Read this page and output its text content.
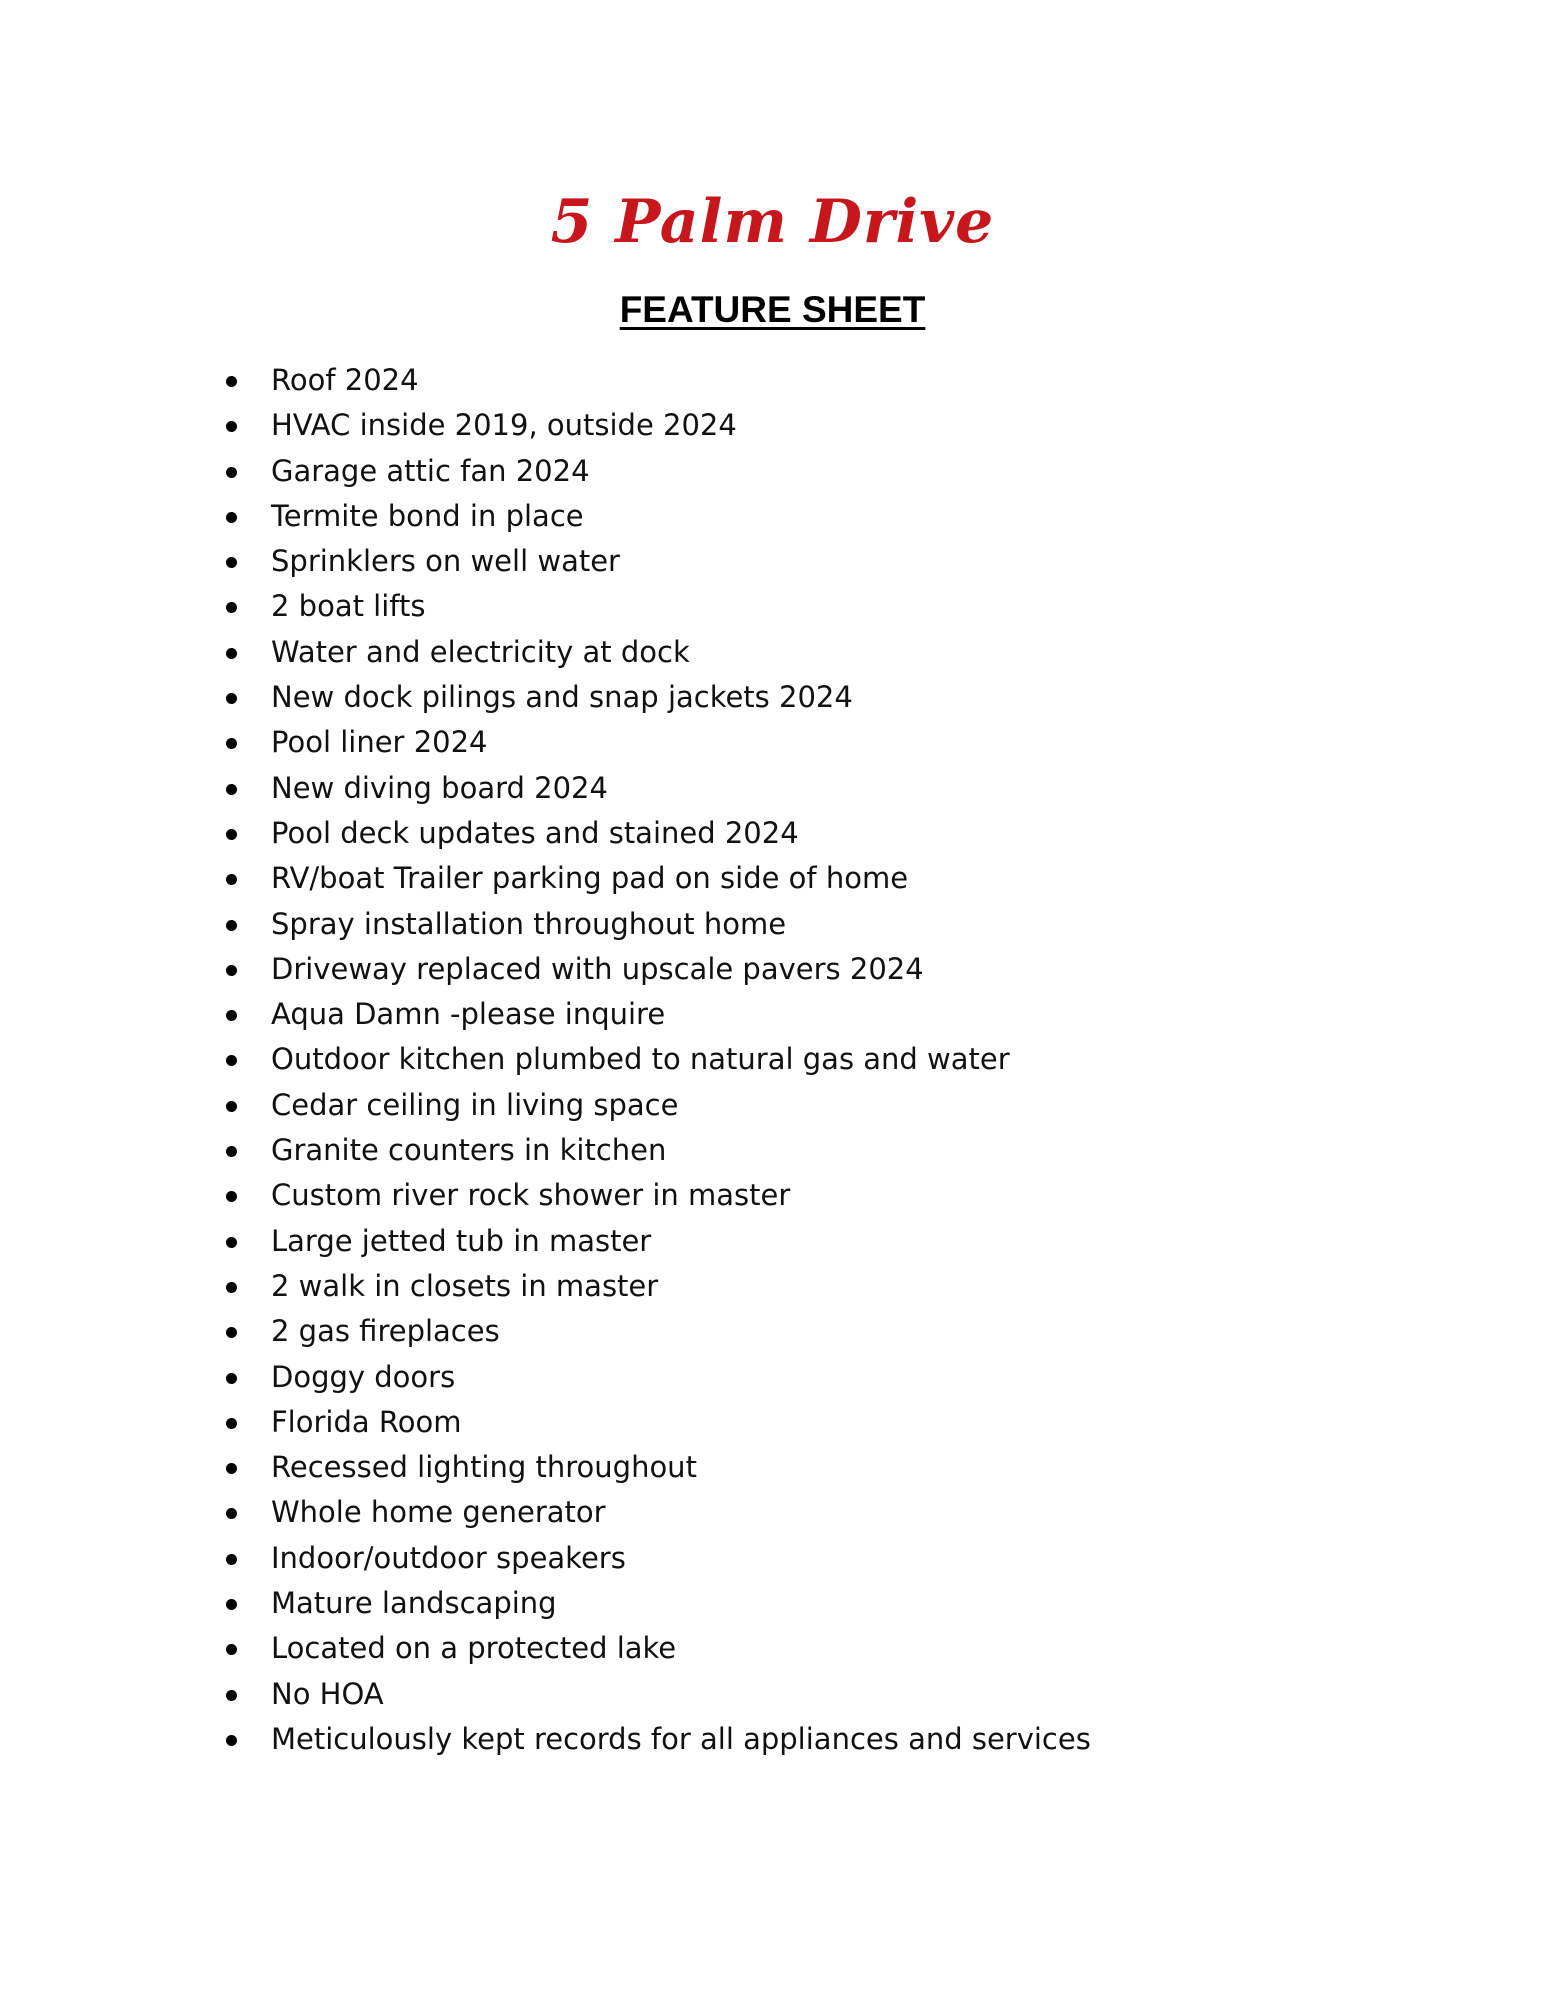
5 Palm Drive
FEATURE SHEET
Roof 2024
HVAC inside 2019, outside 2024
Garage attic fan 2024
Termite bond in place
Sprinklers on well water
2 boat lifts
Water and electricity at dock
New dock pilings and snap jackets 2024
Pool liner 2024
New diving board 2024
Pool deck updates and stained 2024
RV/boat Trailer parking pad on side of home
Spray installation throughout home
Driveway replaced with upscale pavers 2024
Aqua Damn -please inquire
Outdoor kitchen plumbed to natural gas and water
Cedar ceiling in living space
Granite counters in kitchen
Custom river rock shower in master
Large jetted tub in master
2 walk in closets in master
2 gas fireplaces
Doggy doors
Florida Room
Recessed lighting throughout
Whole home generator
Indoor/outdoor speakers
Mature landscaping
Located on a protected lake
No HOA
Meticulously kept records for all appliances and services
